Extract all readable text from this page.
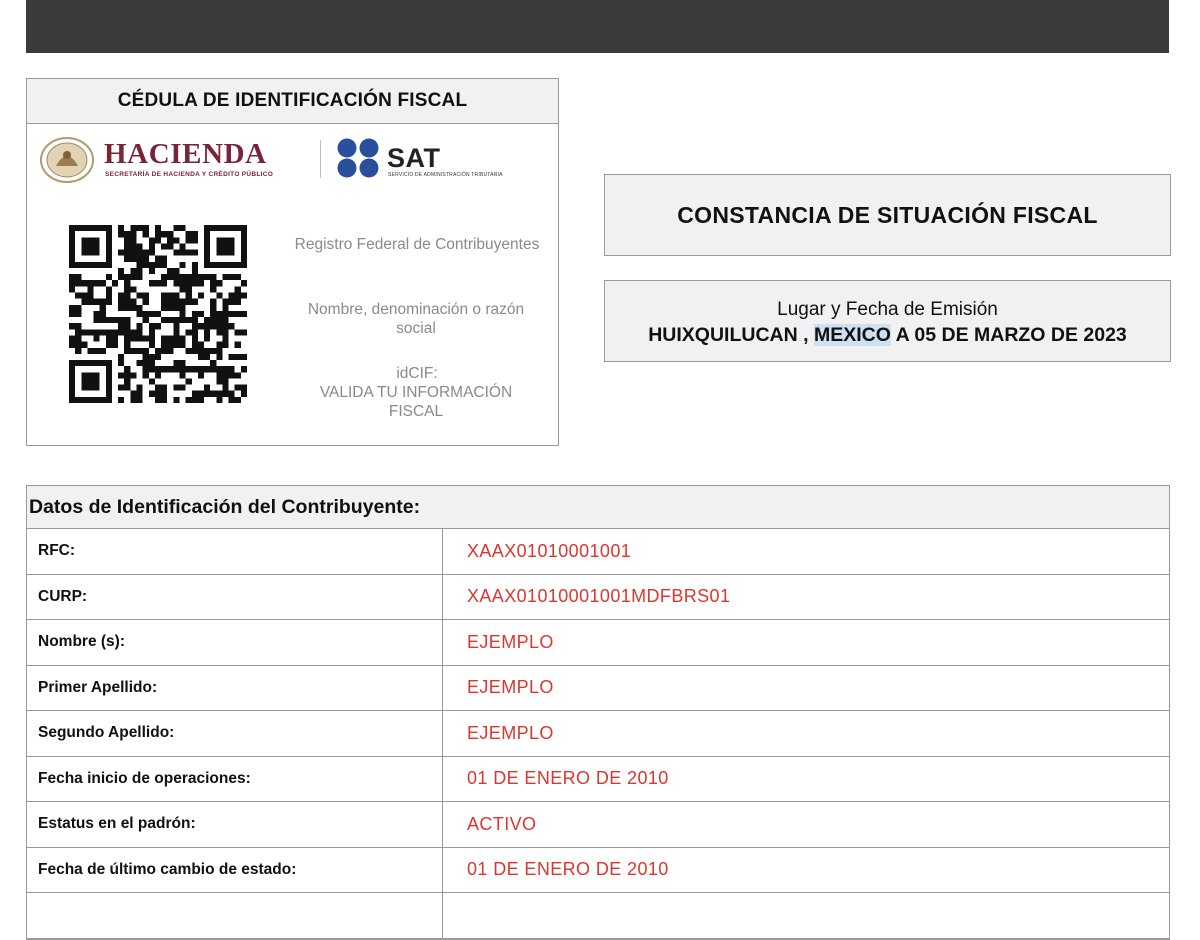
CÉDULA DE IDENTIFICACIÓN FISCAL
HACIENDA
SECRETARÍA DE HACIENDA Y CRÉDITO PÚBLICO
SAT
SERVICIO DE ADMINISTRACIÓN TRIBUTARIA
Registro Federal de Contribuyentes
Nombre, denominación o razón social
idCIF:
VALIDA TU INFORMACIÓN FISCAL
CONSTANCIA DE SITUACIÓN FISCAL
Lugar y Fecha de Emisión
HUIXQUILUCAN , MEXICO A 05 DE MARZO DE 2023
Datos de Identificación del Contribuyente:
RFC:	XAAX01010001001
CURP:	XAAX01010001001MDFBRS01
Nombre (s):	EJEMPLO
Primer Apellido:	EJEMPLO
Segundo Apellido:	EJEMPLO
Fecha inicio de operaciones:	01 DE ENERO DE 2010
Estatus en el padrón:	ACTIVO
Fecha de último cambio de estado:	01 DE ENERO DE 2010
